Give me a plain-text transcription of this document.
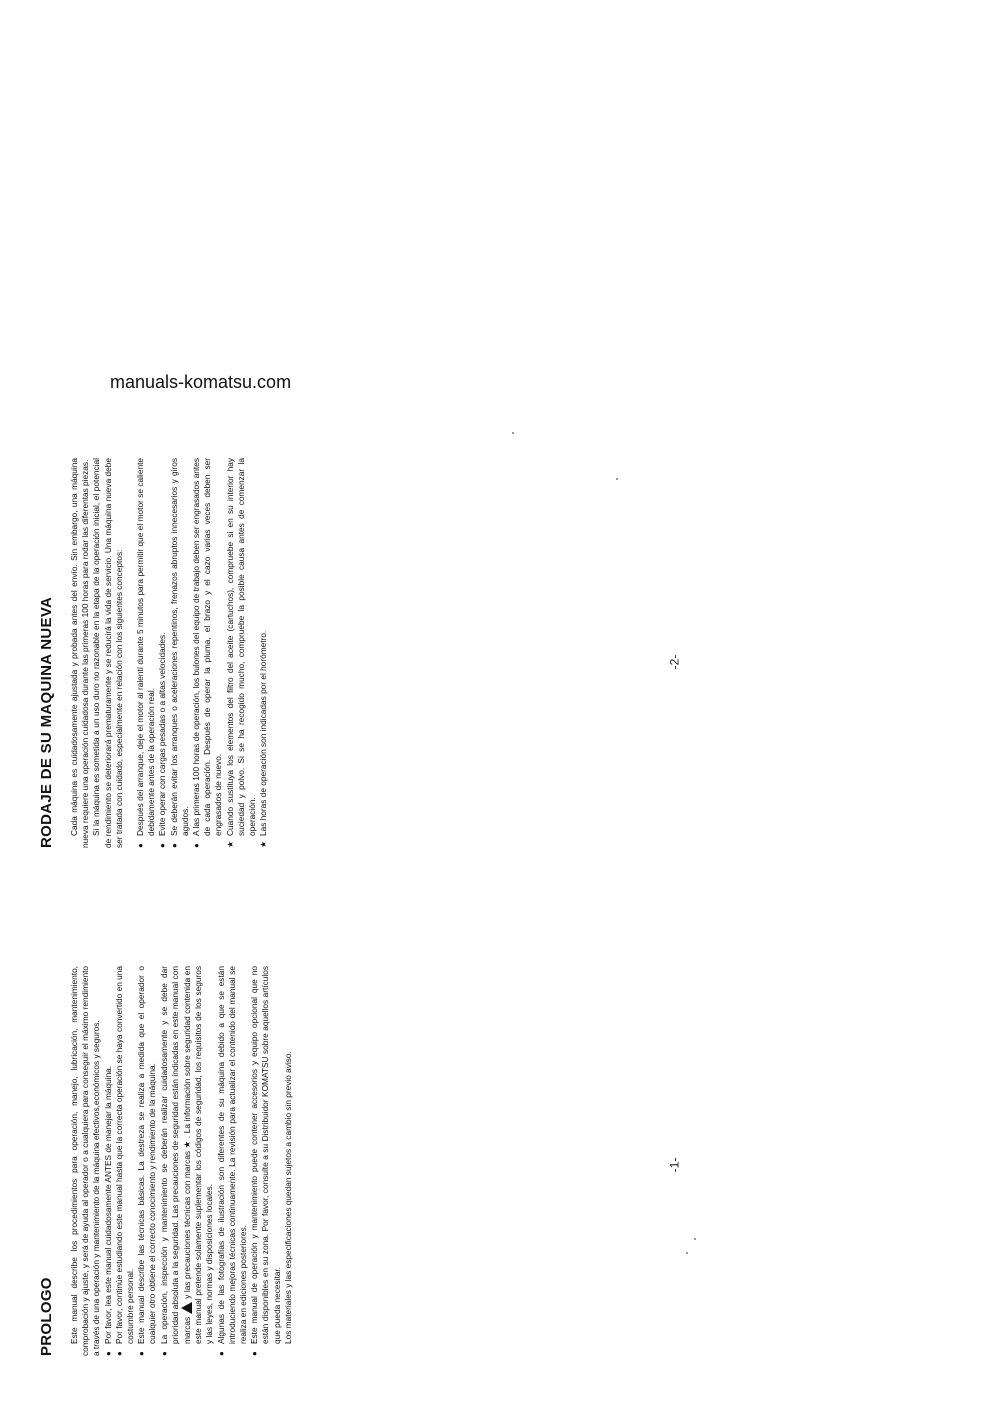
manuals-komatsu.com
PROLOGO Este manual describe los procedimientos para operación, manejo, lubricación, mantenimiento, comprobación y ajuste, y será de ayuda al operador o a cualquiera para conseguir el máximo rendimiento a través de una operación y mantenimiento de la máquina efectivos,económicos y seguros. ●
Por favor, lea este manual cuidadosamente ANTES de manejar la máquina.
●
Por favor, continúe estudiando este manual hasta que la correcta operación se haya convertido en una costumbre personal.
●
Este manual describe las técnicas básicas. La destreza se realiza a medida que el operador o cualquier otro obtiene el correcto conocimiento y rendimiento de la máquina.
●
La operación, inspección y mantenimiento se deberán realizar cuidadosamente y se debe dar prioridad absoluta a la seguridad. Las precauciones de seguridad están indicadas en este manual con marcasy las precauciones técnicas con marcas ★ . La información sobre seguridad contenida en este manual pretende solamente suplementar los códigos de seguridad, los requisitos de los seguros y las leyes, normas y disposiciones locales.
●
Algunas de las fotografías de ilustración son diferentes de su máquina debido a que se están introduciendo mejoras técnicas continuamente. La revisión para actualizar el contenido del manual se realiza en ediciones posteriores.
●
Este manual de operación y mantenimiento puede contener accesorios y equipo opcional que no están disponibles en su zona. Por favor, consulte a su Distribuidor KOMATSU sobre aquellos artículos que pueda necesitar. Los materiales y las especificaciones quedan sujetos a cambio sin previo aviso.
RODAJE DE SU MAQUINA NUEVA Cada máquina es cuidadosamente ajustada y probada antes del envío. Sin embargo, una máquina nueva requiere una operación cuidadosa durante las primeras 100 horas para rodar las diferentas piezas. Si la máquina es sometida a un uso duro no razonable en la etapa de la operación inicial, el potencial de rendimiento se deteriorará prematuramente y se reducirá la vida de servicio. Una máquina nueva debe ser tratada con cuidado, especialmente en relación con los siguientes conceptos: ●
Después del arranque, deje el motor al ralentí durante 5 minutos para permitir que el motor se caliente debidamente antes de la operación real.
●
Evite operar con cargas pesadas o a altas velocidades.
●
Se deberán evitar los arranques o aceleraciones repentinos, frenazos abruptos innecesarios y giros agudos.
●
A las primeras 100 horas de operación, los bulones del equipo de trabajo deben ser engrasados antes de cada operación. Después de operar la pluma, el brazo y el cazo varias veces deben ser engrasados de nuevo.
★
Cuando sustituya los elementos del filtro del aceite (cartuchos), compruebe si en su interior hay suciedad y polvo. Si se ha recogido mucho, compruebe la posible causa antes de comenzar la operación.
★
Las horas de operación son indicadas por el horómetro.
-1-
-2-
